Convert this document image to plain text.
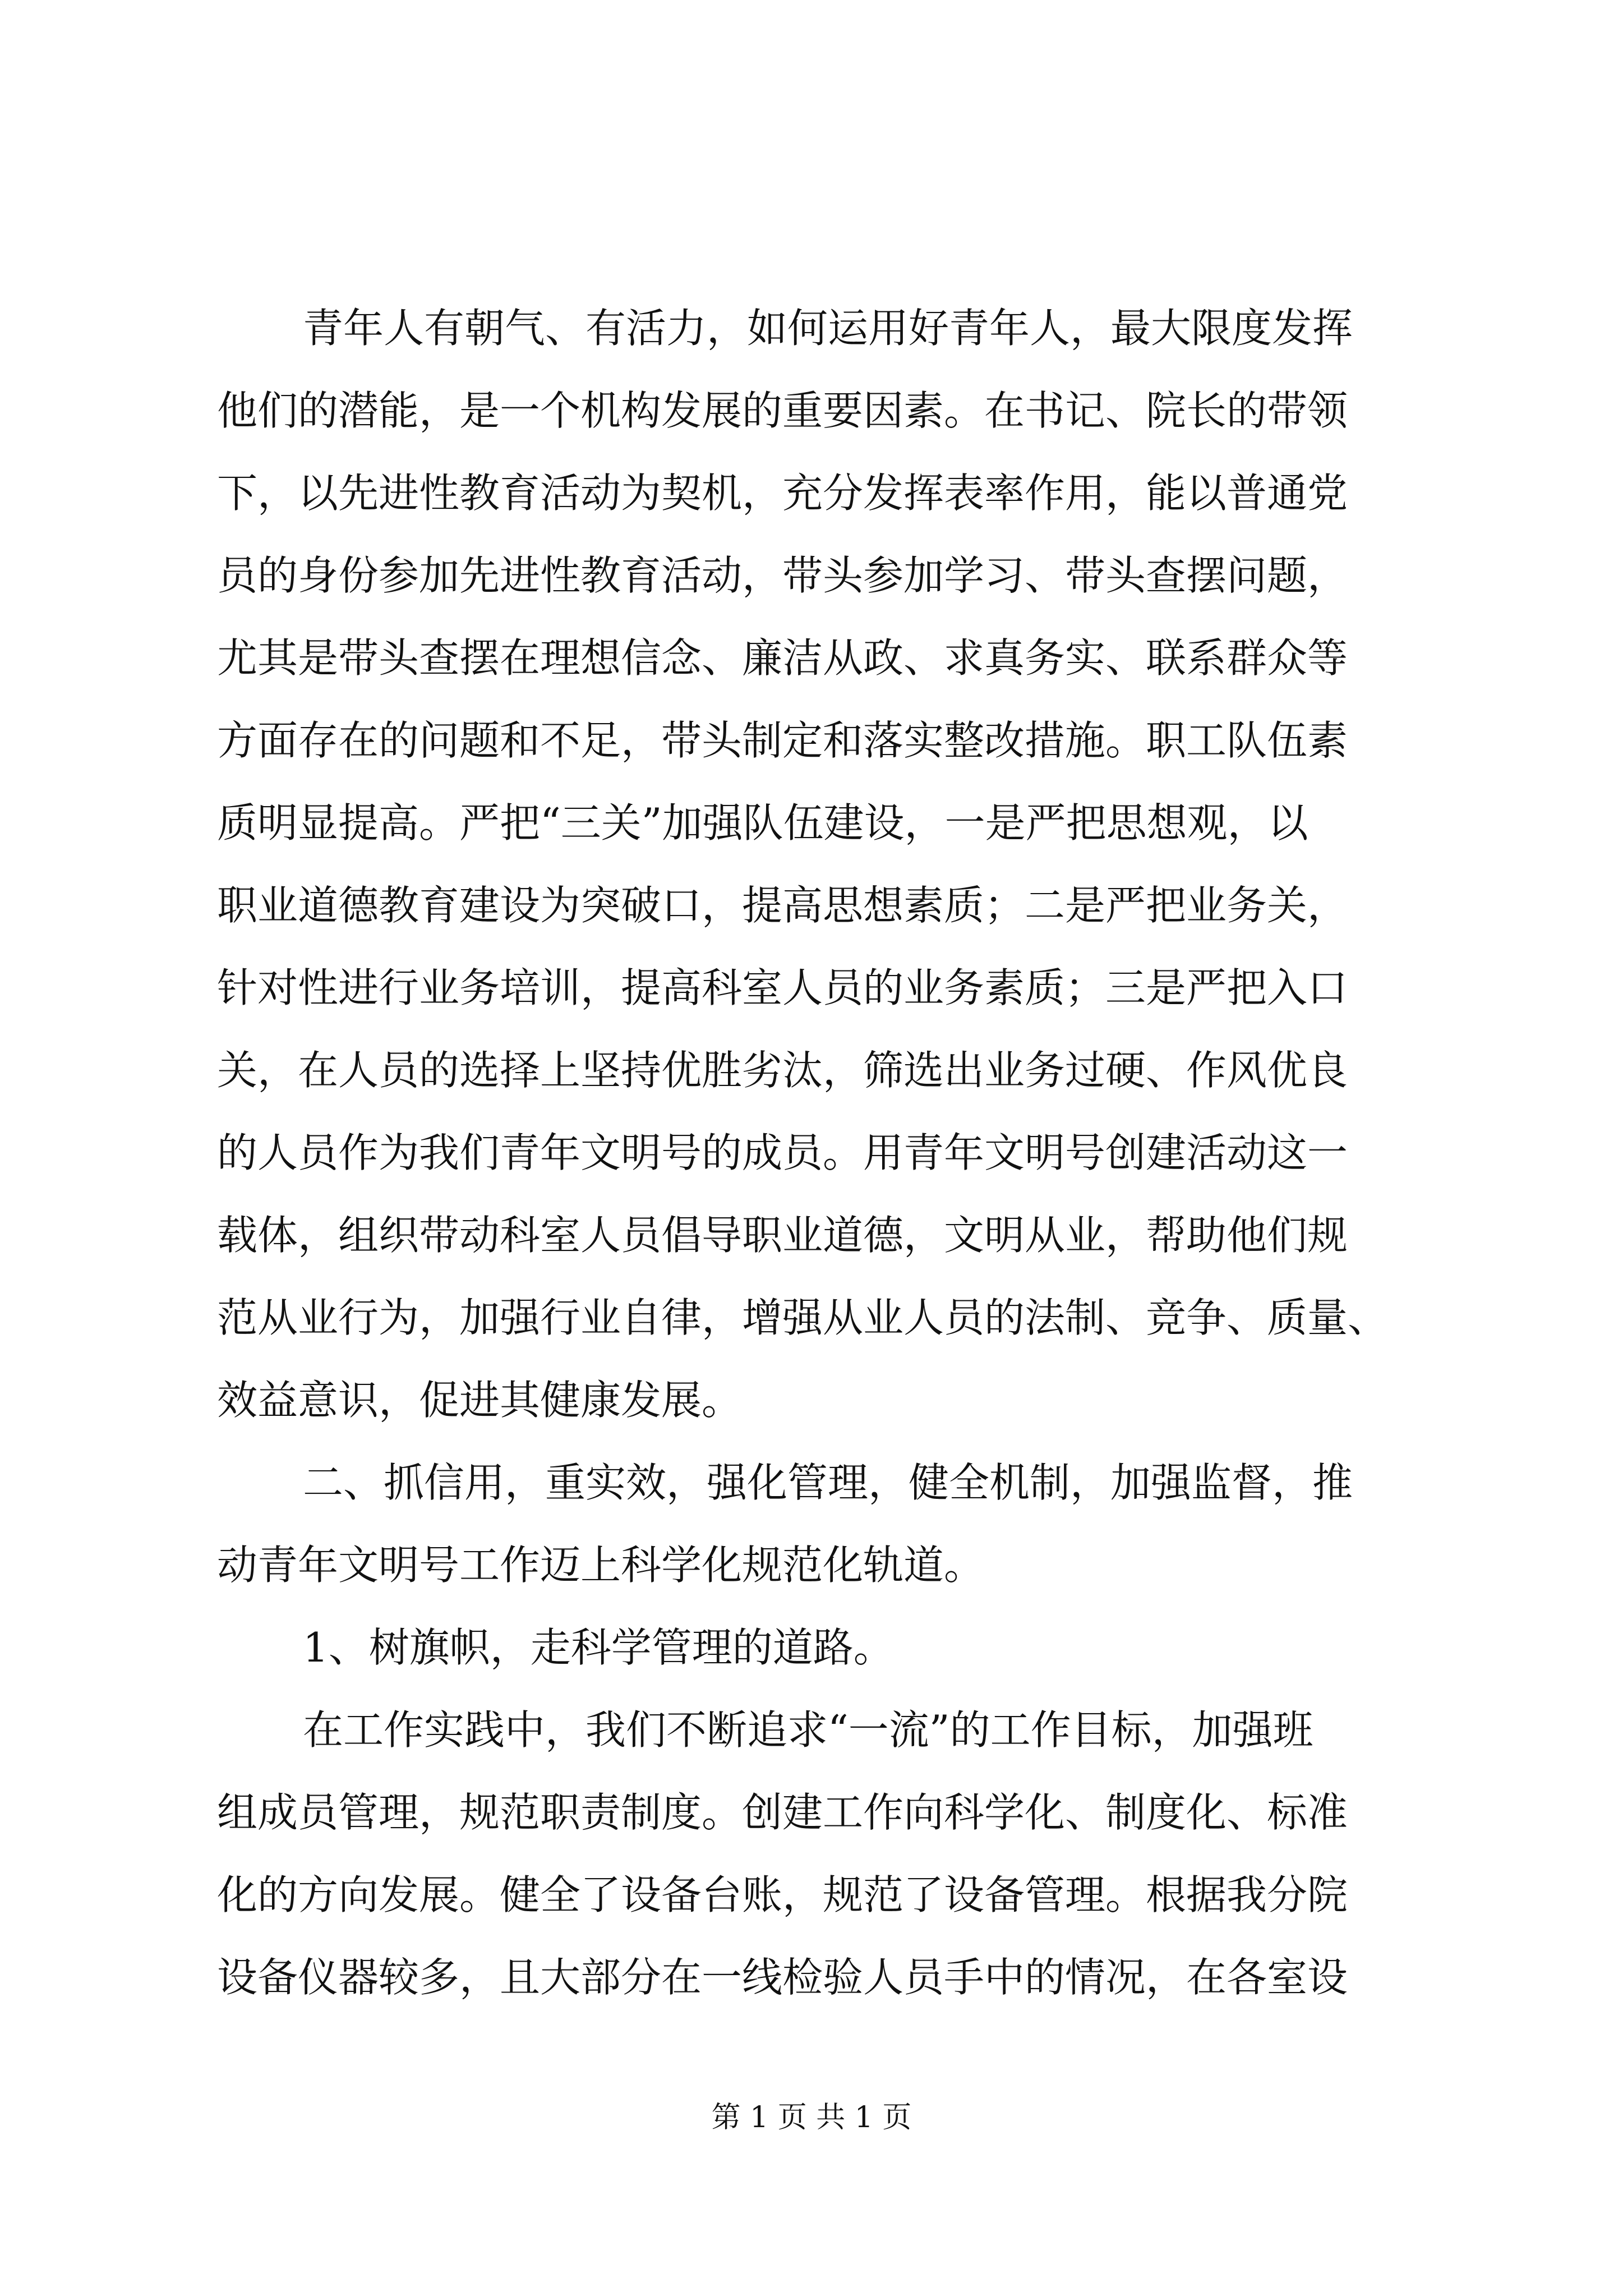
青年人有朝气、有活力，如何运用好青年人，最大限度发挥
他们的潜能，是一个机构发展的重要因素。在书记、院长的带领
下，以先进性教育活动为契机，充分发挥表率作用，能以普通党
员的身份参加先进性教育活动，带头参加学习、带头查摆问题，
尤其是带头查摆在理想信念、廉洁从政、求真务实、联系群众等
方面存在的问题和不足，带头制定和落实整改措施。职工队伍素
质明显提高。严把“三关”加强队伍建设，一是严把思想观，以
职业道德教育建设为突破口，提高思想素质；二是严把业务关，
针对性进行业务培训，提高科室人员的业务素质；三是严把入口
关，在人员的选择上坚持优胜劣汰，筛选出业务过硬、作风优良
的人员作为我们青年文明号的成员。用青年文明号创建活动这一
载体，组织带动科室人员倡导职业道德，文明从业，帮助他们规
范从业行为，加强行业自律，增强从业人员的法制、竞争、质量、
效益意识，促进其健康发展。
二、抓信用，重实效，强化管理，健全机制，加强监督，推
动青年文明号工作迈上科学化规范化轨道。
1、树旗帜，走科学管理的道路。
在工作实践中，我们不断追求“一流”的工作目标，加强班
组成员管理，规范职责制度。创建工作向科学化、制度化、标准
化的方向发展。健全了设备台账，规范了设备管理。根据我分院
设备仪器较多，且大部分在一线检验人员手中的情况，在各室设
第 1 页 共 1 页
